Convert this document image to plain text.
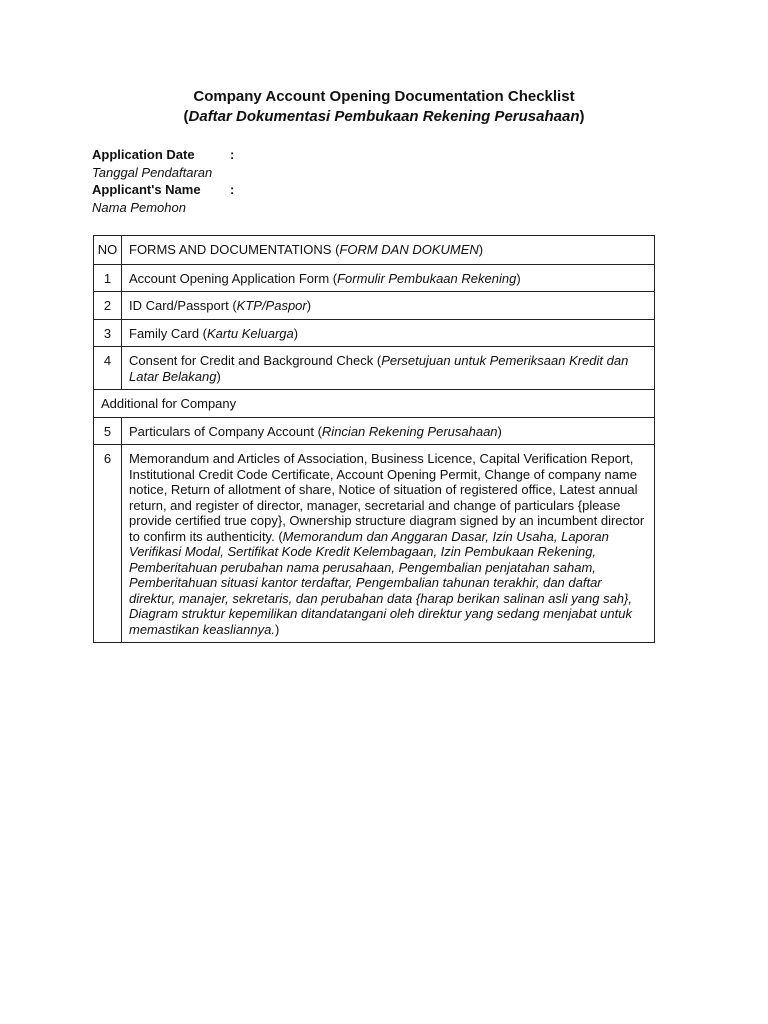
Company Account Opening Documentation Checklist
(Daftar Dokumentasi Pembukaan Rekening Perusahaan)
Application Date	:
Tanggal Pendaftaran
Applicant's Name	:
Nama Pemohon
NO	FORMS AND DOCUMENTATIONS (FORM DAN DOKUMEN)
1	Account Opening Application Form (Formulir Pembukaan Rekening)
2	ID Card/Passport (KTP/Paspor)
3	Family Card (Kartu Keluarga)
4	Consent for Credit and Background Check (Persetujuan untuk Pemeriksaan Kredit dan Latar Belakang)
Additional for Company	
5	Particulars of Company Account (Rincian Rekening Perusahaan)
6	Memorandum and Articles of Association, Business Licence, Capital Verification Report, Institutional Credit Code Certificate, Account Opening Permit, Change of company name notice, Return of allotment of share, Notice of situation of registered office, Latest annual return, and register of director, manager, secretarial and change of particulars {please provide certified true copy}, Ownership structure diagram signed by an incumbent director to confirm its authenticity. (Memorandum dan Anggaran Dasar, Izin Usaha, Laporan Verifikasi Modal, Sertifikat Kode Kredit Kelembagaan, Izin Pembukaan Rekening, Pemberitahuan perubahan nama perusahaan, Pengembalian penjatahan saham, Pemberitahuan situasi kantor terdaftar, Pengembalian tahunan terakhir, dan daftar direktur, manajer, sekretaris, dan perubahan data {harap berikan salinan asli yang sah}, Diagram struktur kepemilikan ditandatangani oleh direktur yang sedang menjabat untuk memastikan keasliannya.)
